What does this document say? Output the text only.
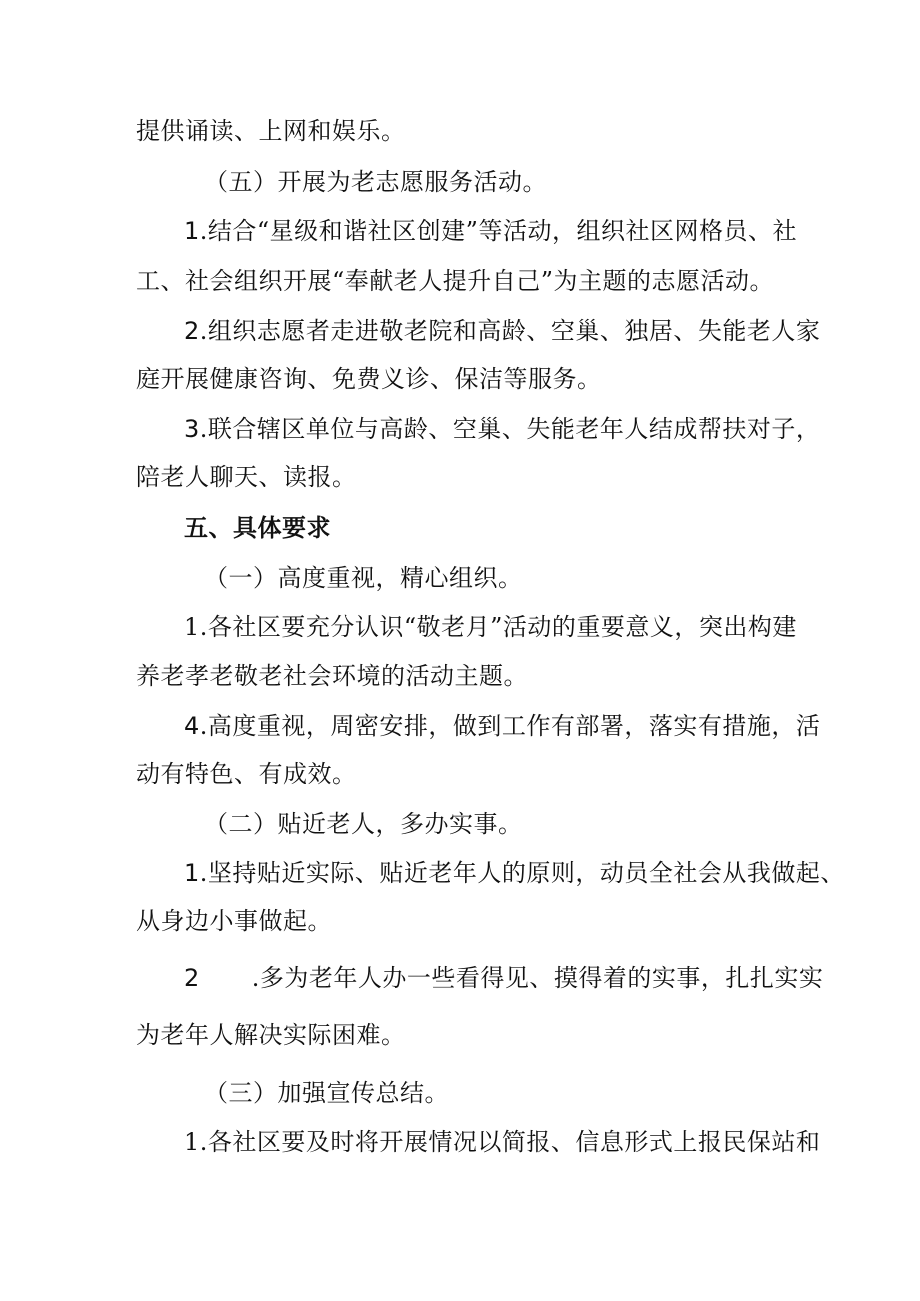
提供诵读、上网和娱乐。
（五）开展为老志愿服务活动。
1.结合“星级和谐社区创建”等活动，组织社区网格员、社
工、社会组织开展“奉献老人提升自己”为主题的志愿活动。
2.组织志愿者走进敬老院和高龄、空巢、独居、失能老人家
庭开展健康咨询、免费义诊、保洁等服务。
3.联合辖区单位与高龄、空巢、失能老年人结成帮扶对子，
陪老人聊天、读报。
五、具体要求
（一）高度重视，精心组织。
1.各社区要充分认识“敬老月”活动的重要意义，突出构建
养老孝老敬老社会环境的活动主题。
4.高度重视，周密安排，做到工作有部署，落实有措施，活
动有特色、有成效。
（二）贴近老人，多办实事。
1.坚持贴近实际、贴近老年人的原则，动员全社会从我做起、
从身边小事做起。
2 .多为老年人办一些看得见、摸得着的实事，扎扎实实
为老年人解决实际困难。
（三）加强宣传总结。
1.各社区要及时将开展情况以简报、信息形式上报民保站和
